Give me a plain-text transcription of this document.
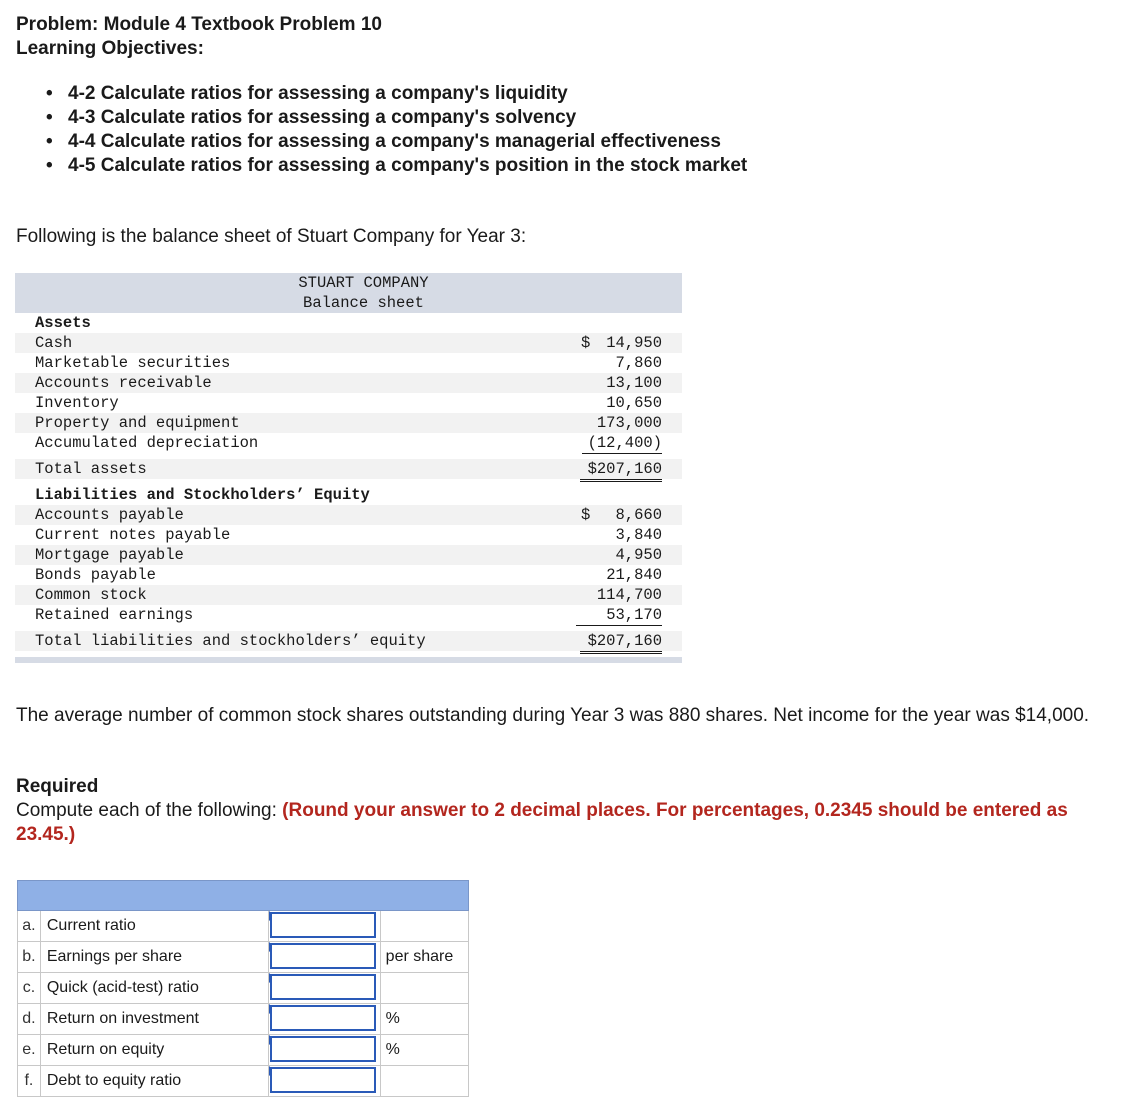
Problem: Module 4 Textbook Problem 10
Learning Objectives:
• 4-2 Calculate ratios for assessing a company's liquidity
• 4-3 Calculate ratios for assessing a company's solvency
• 4-4 Calculate ratios for assessing a company's managerial effectiveness
• 4-5 Calculate ratios for assessing a company's position in the stock market
Following is the balance sheet of Stuart Company for Year 3:
STUART COMPANY
Balance sheet
Assets
Cash	$ 14,950
Marketable securities	7,860
Accounts receivable	13,100
Inventory	10,650
Property and equipment	173,000
Accumulated depreciation	(12,400)
Total assets	$207,160
Liabilities and Stockholders’ Equity
Accounts payable	$ 8,660
Current notes payable	3,840
Mortgage payable	4,950
Bonds payable	21,840
Common stock	114,700
Retained earnings	53,170
Total liabilities and stockholders’ equity	$207,160
The average number of common stock shares outstanding during Year 3 was 880 shares. Net income for the year was $14,000.
Required
Compute each of the following: (Round your answer to 2 decimal places. For percentages, 0.2345 should be entered as 23.45.)

a.	Current ratio	

b.	Earnings per share		per share
c.	Quick (acid-test) ratio	

d.	Return on investment		%
e.	Return on equity		%
f.	Debt to equity ratio	
